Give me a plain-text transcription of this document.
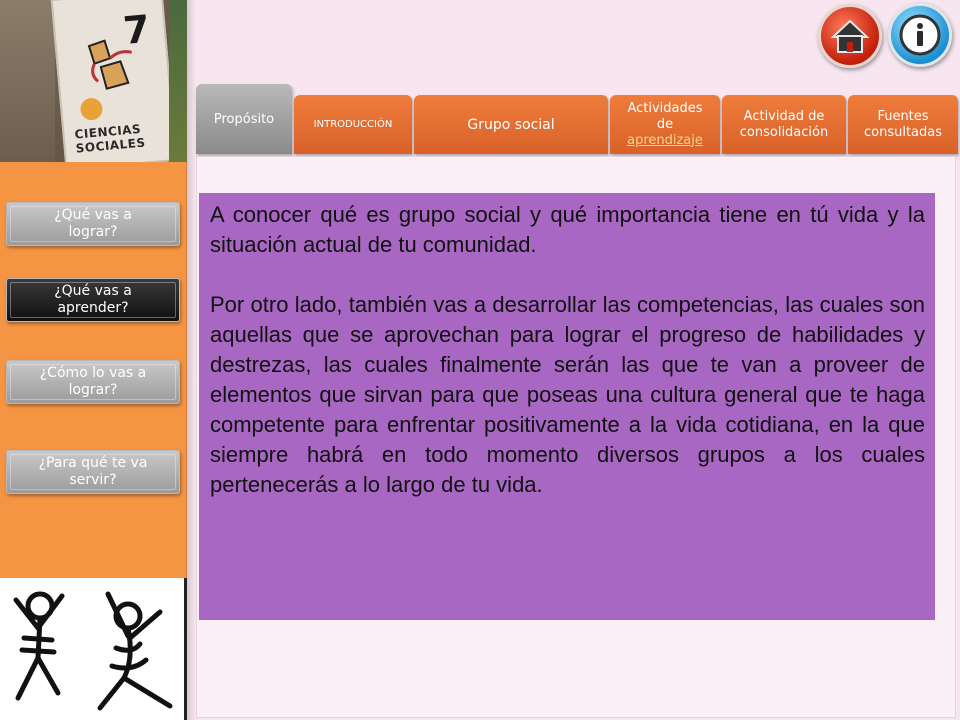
7
CIENCIAS SOCIALES
¿Qué vas a
lograr?
¿Qué vas a
aprender?
¿Cómo lo vas a
lograr?
¿Para qué te va
servir?
Propósito	INTRODUCCIÓN	Grupo social
Actividades
de
aprendizaje
Actividad de
consolidación
Fuentes
consultadas

A conocer qué es grupo social y qué importancia tiene en tú vida y la situación actual de tu comunidad.

Por otro lado, también vas a desarrollar las competencias, las cuales son aquellas que se aprovechan para lograr el progreso de habilidades y destrezas, las cuales finalmente serán las que te van a proveer de elementos que sirvan para que poseas una cultura general que te haga competente para enfrentar positivamente a la vida cotidiana, en la que siempre habrá en todo momento diversos grupos a los cuales pertenecerás a lo largo de tu vida.
